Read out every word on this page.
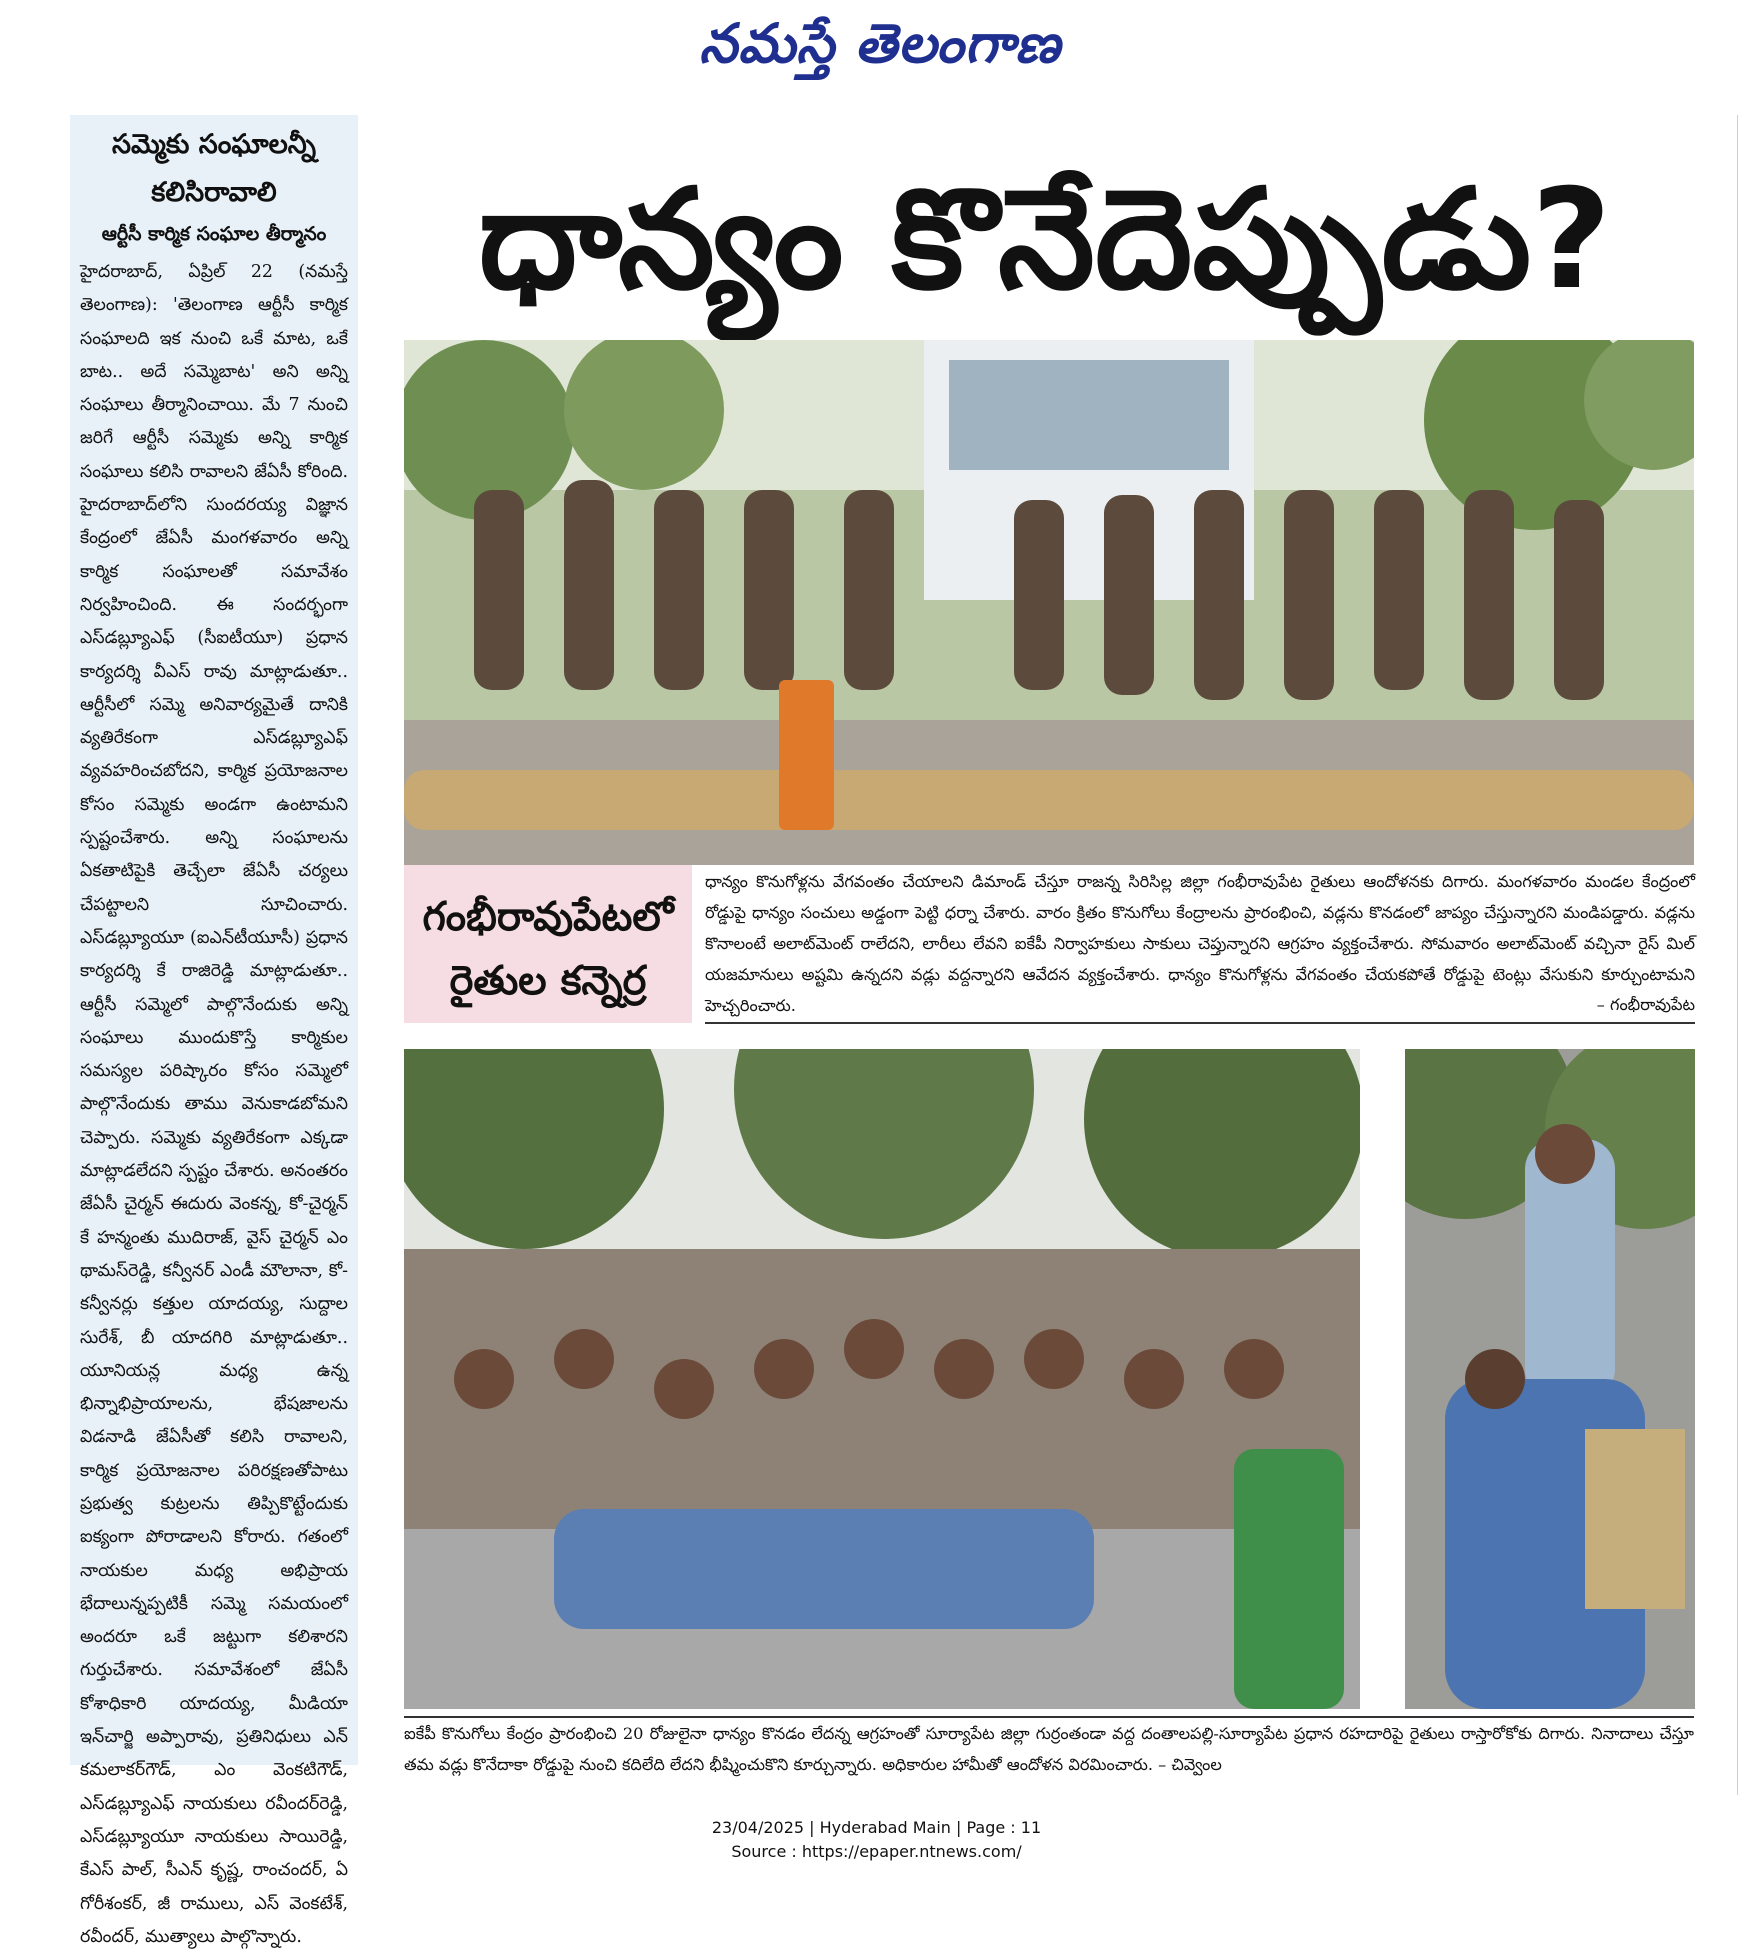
నమస్తే తెలంగాణ
సమ్మెకు సంఘాలన్నీ
కలిసిరావాలి
ఆర్టీసీ కార్మిక సంఘాల తీర్మానం
హైదరాబాద్, ఏప్రిల్ 22 (నమస్తే తెలంగాణ): 'తెలంగాణ ఆర్టీసీ కార్మిక సంఘాలది ఇక నుంచి ఒకే మాట, ఒకే బాట.. అదే సమ్మెబాట' అని అన్ని సంఘాలు తీర్మానించాయి. మే 7 నుంచి జరిగే ఆర్టీసీ సమ్మెకు అన్ని కార్మిక సంఘాలు కలిసి రావాలని జేఏసీ కోరింది. హైదరాబాద్‌లోని సుందరయ్య విజ్ఞాన కేంద్రంలో జేఏసీ మంగళవారం అన్ని కార్మిక సంఘాలతో సమావేశం నిర్వహించింది. ఈ సందర్భంగా ఎస్‌డబ్ల్యూఎఫ్ (సీఐటీయూ) ప్రధాన కార్యదర్శి వీఎస్ రావు మాట్లాడుతూ.. ఆర్టీసీలో సమ్మె అనివార్యమైతే దానికి వ్యతిరేకంగా ఎస్‌డబ్ల్యూఎఫ్ వ్యవహరించబోదని, కార్మిక ప్రయోజనాల కోసం సమ్మెకు అండగా ఉంటామని స్పష్టంచేశారు. అన్ని సంఘాలను ఏకతాటిపైకి తెచ్చేలా జేఏసీ చర్యలు చేపట్టాలని సూచించారు. ఎస్‌డబ్ల్యూయూ (ఐఎన్‌టీయూసీ) ప్రధాన కార్యదర్శి కే రాజిరెడ్డి మాట్లాడుతూ.. ఆర్టీసీ సమ్మెలో పాల్గొనేందుకు అన్ని సంఘాలు ముందుకొస్తే కార్మికుల సమస్యల పరిష్కారం కోసం సమ్మెలో పాల్గొనేందుకు తాము వెనుకాడబోమని చెప్పారు. సమ్మెకు వ్యతిరేకంగా ఎక్కడా మాట్లాడలేదని స్పష్టం చేశారు. అనంతరం జేఏసీ చైర్మన్ ఈదురు వెంకన్న, కో-చైర్మన్ కే హన్మంతు ముదిరాజ్, వైస్ చైర్మన్ ఎం థామస్‌రెడ్డి, కన్వీనర్ ఎండీ మౌలానా, కో-కన్వీనర్లు కత్తుల యాదయ్య, సుద్దాల సురేశ్, బీ యాదగిరి మాట్లాడుతూ.. యూనియన్ల మధ్య ఉన్న భిన్నాభిప్రాయాలను, భేషజాలను విడనాడి జేఏసీతో కలిసి రావాలని, కార్మిక ప్రయోజనాల పరిరక్షణతోపాటు ప్రభుత్వ కుట్రలను తిప్పికొట్టేందుకు ఐక్యంగా పోరాడాలని కోరారు. గతంలో నాయకుల మధ్య అభిప్రాయ భేదాలున్నప్పటికీ సమ్మె సమయంలో అందరూ ఒకే జట్టుగా కలిశారని గుర్తుచేశారు. సమావేశంలో జేఏసీ కోశాధికారి యాదయ్య, మీడియా ఇన్‌చార్జి అప్పారావు, ప్రతినిధులు ఎన్ కమలాకర్‌గౌడ్, ఎం వెంకటిగౌడ్, ఎస్‌డబ్ల్యూఎఫ్ నాయకులు రవీందర్‌రెడ్డి, ఎస్‌డబ్ల్యూయూ నాయకులు సాయిరెడ్డి, కేఎస్ పాల్, సీఎన్ కృష్ణ, రాంచందర్, ఏ గోరీశంకర్, జీ రాములు, ఎస్ వెంకటేశ్, రవీందర్, ముత్యాలు పాల్గొన్నారు.
ధాన్యం కొనేదెప్పుడు?
గంభీరావుపేటలో
రైతుల కన్నెర్ర
ధాన్యం కొనుగోళ్లను వేగవంతం చేయాలని డిమాండ్ చేస్తూ రాజన్న సిరిసిల్ల జిల్లా గంభీరావుపేట రైతులు ఆందోళనకు దిగారు. మంగళవారం మండల కేంద్రంలో రోడ్డుపై ధాన్యం సంచులు అడ్డంగా పెట్టి ధర్నా చేశారు. వారం క్రితం కొనుగోలు కేంద్రాలను ప్రారంభించి, వడ్లను కొనడంలో జాప్యం చేస్తున్నారని మండిపడ్డారు. వడ్లను కొనాలంటే అలాట్‌మెంట్ రాలేదని, లారీలు లేవని ఐకేపీ నిర్వాహకులు సాకులు చెప్తున్నారని ఆగ్రహం వ్యక్తంచేశారు. సోమవారం అలాట్‌మెంట్ వచ్చినా రైస్ మిల్ యజమానులు అష్టమి ఉన్నదని వడ్లు వద్దన్నారని ఆవేదన వ్యక్తంచేశారు. ధాన్యం కొనుగోళ్లను వేగవంతం చేయకపోతే రోడ్డుపై టెంట్లు వేసుకుని కూర్చుంటామని హెచ్చరించారు.	– గంభీరావుపేట
ఐకేపీ కొనుగోలు కేంద్రం ప్రారంభించి 20 రోజులైనా ధాన్యం కొనడం లేదన్న ఆగ్రహంతో సూర్యాపేట జిల్లా గుర్రంతండా వద్ద దంతాలపల్లి-సూర్యాపేట ప్రధాన రహదారిపై రైతులు రాస్తారోకోకు దిగారు. నినాదాలు చేస్తూ తమ వడ్లు కొనేదాకా రోడ్డుపై నుంచి కదిలేది లేదని భీష్మించుకొని కూర్చున్నారు. అధికారుల హామీతో ఆందోళన విరమించారు. – చివ్వెంల
23/04/2025 | Hyderabad Main | Page : 11
Source : https://epaper.ntnews.com/
